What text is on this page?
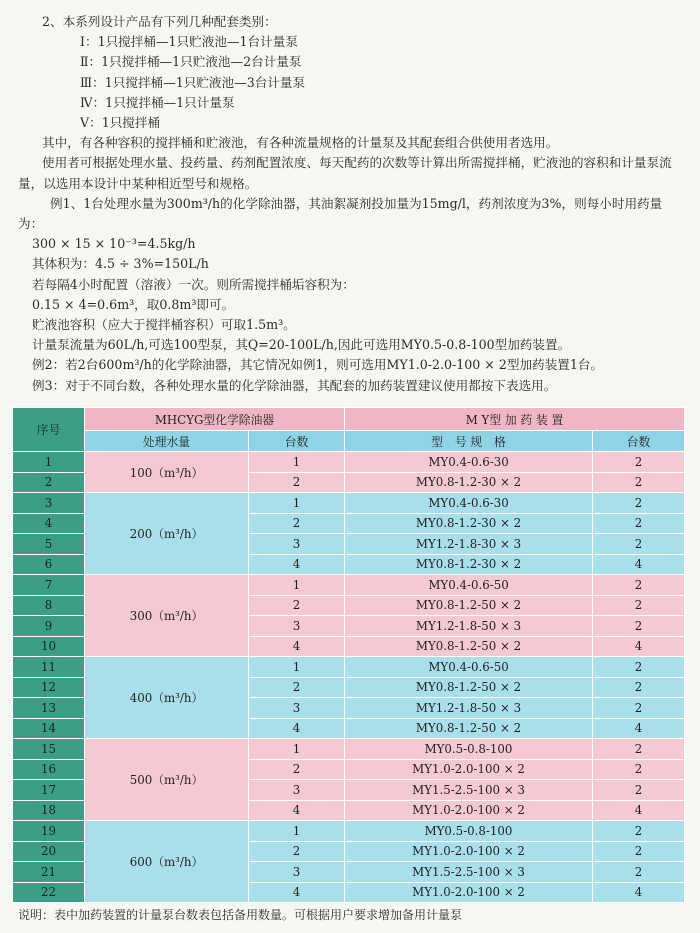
2、本系列设计产品有下列几种配套类别：
Ⅰ：1只搅拌桶—1只贮液池—1台计量泵
Ⅱ：1只搅拌桶—1只贮液池—2台计量泵
Ⅲ：1只搅拌桶—1只贮液池—3台计量泵
Ⅳ：1只搅拌桶—1只计量泵
Ⅴ：1只搅拌桶
其中，有各种容积的搅拌桶和贮液池，有各种流量规格的计量泵及其配套组合供使用者选用。
使用者可根据处理水量、投药量、药剂配置浓度、每天配药的次数等计算出所需搅拌桶，贮液池的容积和计量泵流量，以选用本设计中某种相近型号和规格。
例1、1台处理水量为300m³/h的化学除油器，其油絮凝剂投加量为15mg/l，药剂浓度为3%，则每小时用药量为：
300 × 15 × 10⁻³=4.5kg/h
其体积为：4.5 ÷ 3%=150L/h
若每隔4小时配置（溶液）一次。则所需搅拌桶垢容积为：
0.15 × 4=0.6m³，取0.8m³即可。
贮液池容积（应大于搅拌桶容积）可取1.5m³。
计量泵流量为60L/h,可选100型泵，其Q=20-100L/h,因此可选用MY0.5-0.8-100型加药装置。
例2：若2台600m³/h的化学除油器，其它情况如例1，则可选用MY1.0-2.0-100 × 2型加药装置1台。
例3：对于不同台数，各种处理水量的化学除油器，其配套的加药装置建议使用都按下表选用。
序号	MHCYG型化学除油器		M Y型 加 药 装 置	
	处理水量	台数	型　号 规　格	台数
1	100（m³/h）	1	MY0.4-0.6-30	2
2		2	MY0.8-1.2-30 × 2	2
3	200（m³/h）	1	MY0.4-0.6-30	2
4		2	MY0.8-1.2-30 × 2	2
5		3	MY1.2-1.8-30 × 3	2
6		4	MY0.8-1.2-30 × 2	4
7	300（m³/h）	1	MY0.4-0.6-50	2
8		2	MY0.8-1.2-50 × 2	2
9		3	MY1.2-1.8-50 × 3	2
10		4	MY0.8-1.2-50 × 2	4
11	400（m³/h）	1	MY0.4-0.6-50	2
12		2	MY0.8-1.2-50 × 2	2
13		3	MY1.2-1.8-50 × 3	2
14		4	MY0.8-1.2-50 × 2	4
15	500（m³/h）	1	MY0.5-0.8-100	2
16		2	MY1.0-2.0-100 × 2	2
17		3	MY1.5-2.5-100 × 3	2
18		4	MY1.0-2.0-100 × 2	4
19	600（m³/h）	1	MY0.5-0.8-100	2
20		2	MY1.0-2.0-100 × 2	2
21		3	MY1.5-2.5-100 × 3	2
22		4	MY1.0-2.0-100 × 2	4
说明：表中加药装置的计量泵台数表包括备用数量。可根据用户要求增加备用计量泵
